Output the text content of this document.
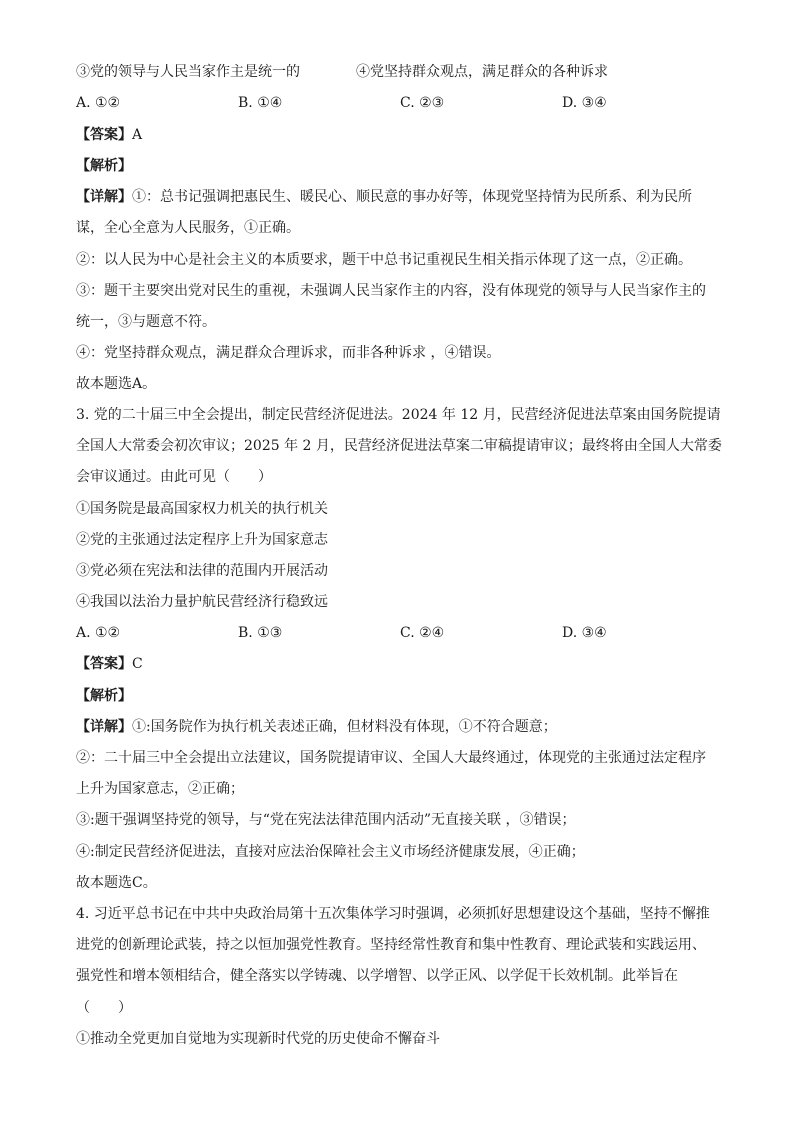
③党的领导与人民当家作主是统一的	④党坚持群众观点，满足群众的各种诉求
A. ①②	B. ①④	C. ②③	D. ③④
【答案】A
【解析】
【详解】①：总书记强调把惠民生、暖民心、顺民意的事办好等，体现党坚持情为民所系、利为民所
谋，全心全意为人民服务，①正确。
②：以人民为中心是社会主义的本质要求，题干中总书记重视民生相关指示体现了这一点，②正确。
③：题干主要突出党对民生的重视，未强调人民当家作主的内容，没有体现党的领导与人民当家作主的
统一，③与题意不符。
④：党坚持群众观点，满足群众合理诉求，而非各种诉求 ，④错误。
故本题选A。
3. 党的二十届三中全会提出，制定民营经济促进法。2024 年 12 月，民营经济促进法草案由国务院提请
全国人大常委会初次审议；2025 年 2 月，民营经济促进法草案二审稿提请审议；最终将由全国人大常委
会审议通过。由此可见（　　）
①国务院是最高国家权力机关的执行机关
②党的主张通过法定程序上升为国家意志
③党必须在宪法和法律的范围内开展活动
④我国以法治力量护航民营经济行稳致远
A. ①②	B. ①③	C. ②④	D. ③④
【答案】C
【解析】
【详解】①:国务院作为执行机关表述正确，但材料没有体现，①不符合题意；
②：二十届三中全会提出立法建议，国务院提请审议、全国人大最终通过，体现党的主张通过法定程序
上升为国家意志，②正确；
③:题干强调坚持党的领导，与“党在宪法法律范围内活动”无直接关联 ，③错误；
④:制定民营经济促进法，直接对应法治保障社会主义市场经济健康发展，④正确；
故本题选C。
4. 习近平总书记在中共中央政治局第十五次集体学习时强调，必须抓好思想建设这个基础，坚持不懈推
进党的创新理论武装，持之以恒加强党性教育。坚持经常性教育和集中性教育、理论武装和实践运用、
强党性和增本领相结合，健全落实以学铸魂、以学增智、以学正风、以学促干长效机制。此举旨在
（　　）
①推动全党更加自觉地为实现新时代党的历史使命不懈奋斗
